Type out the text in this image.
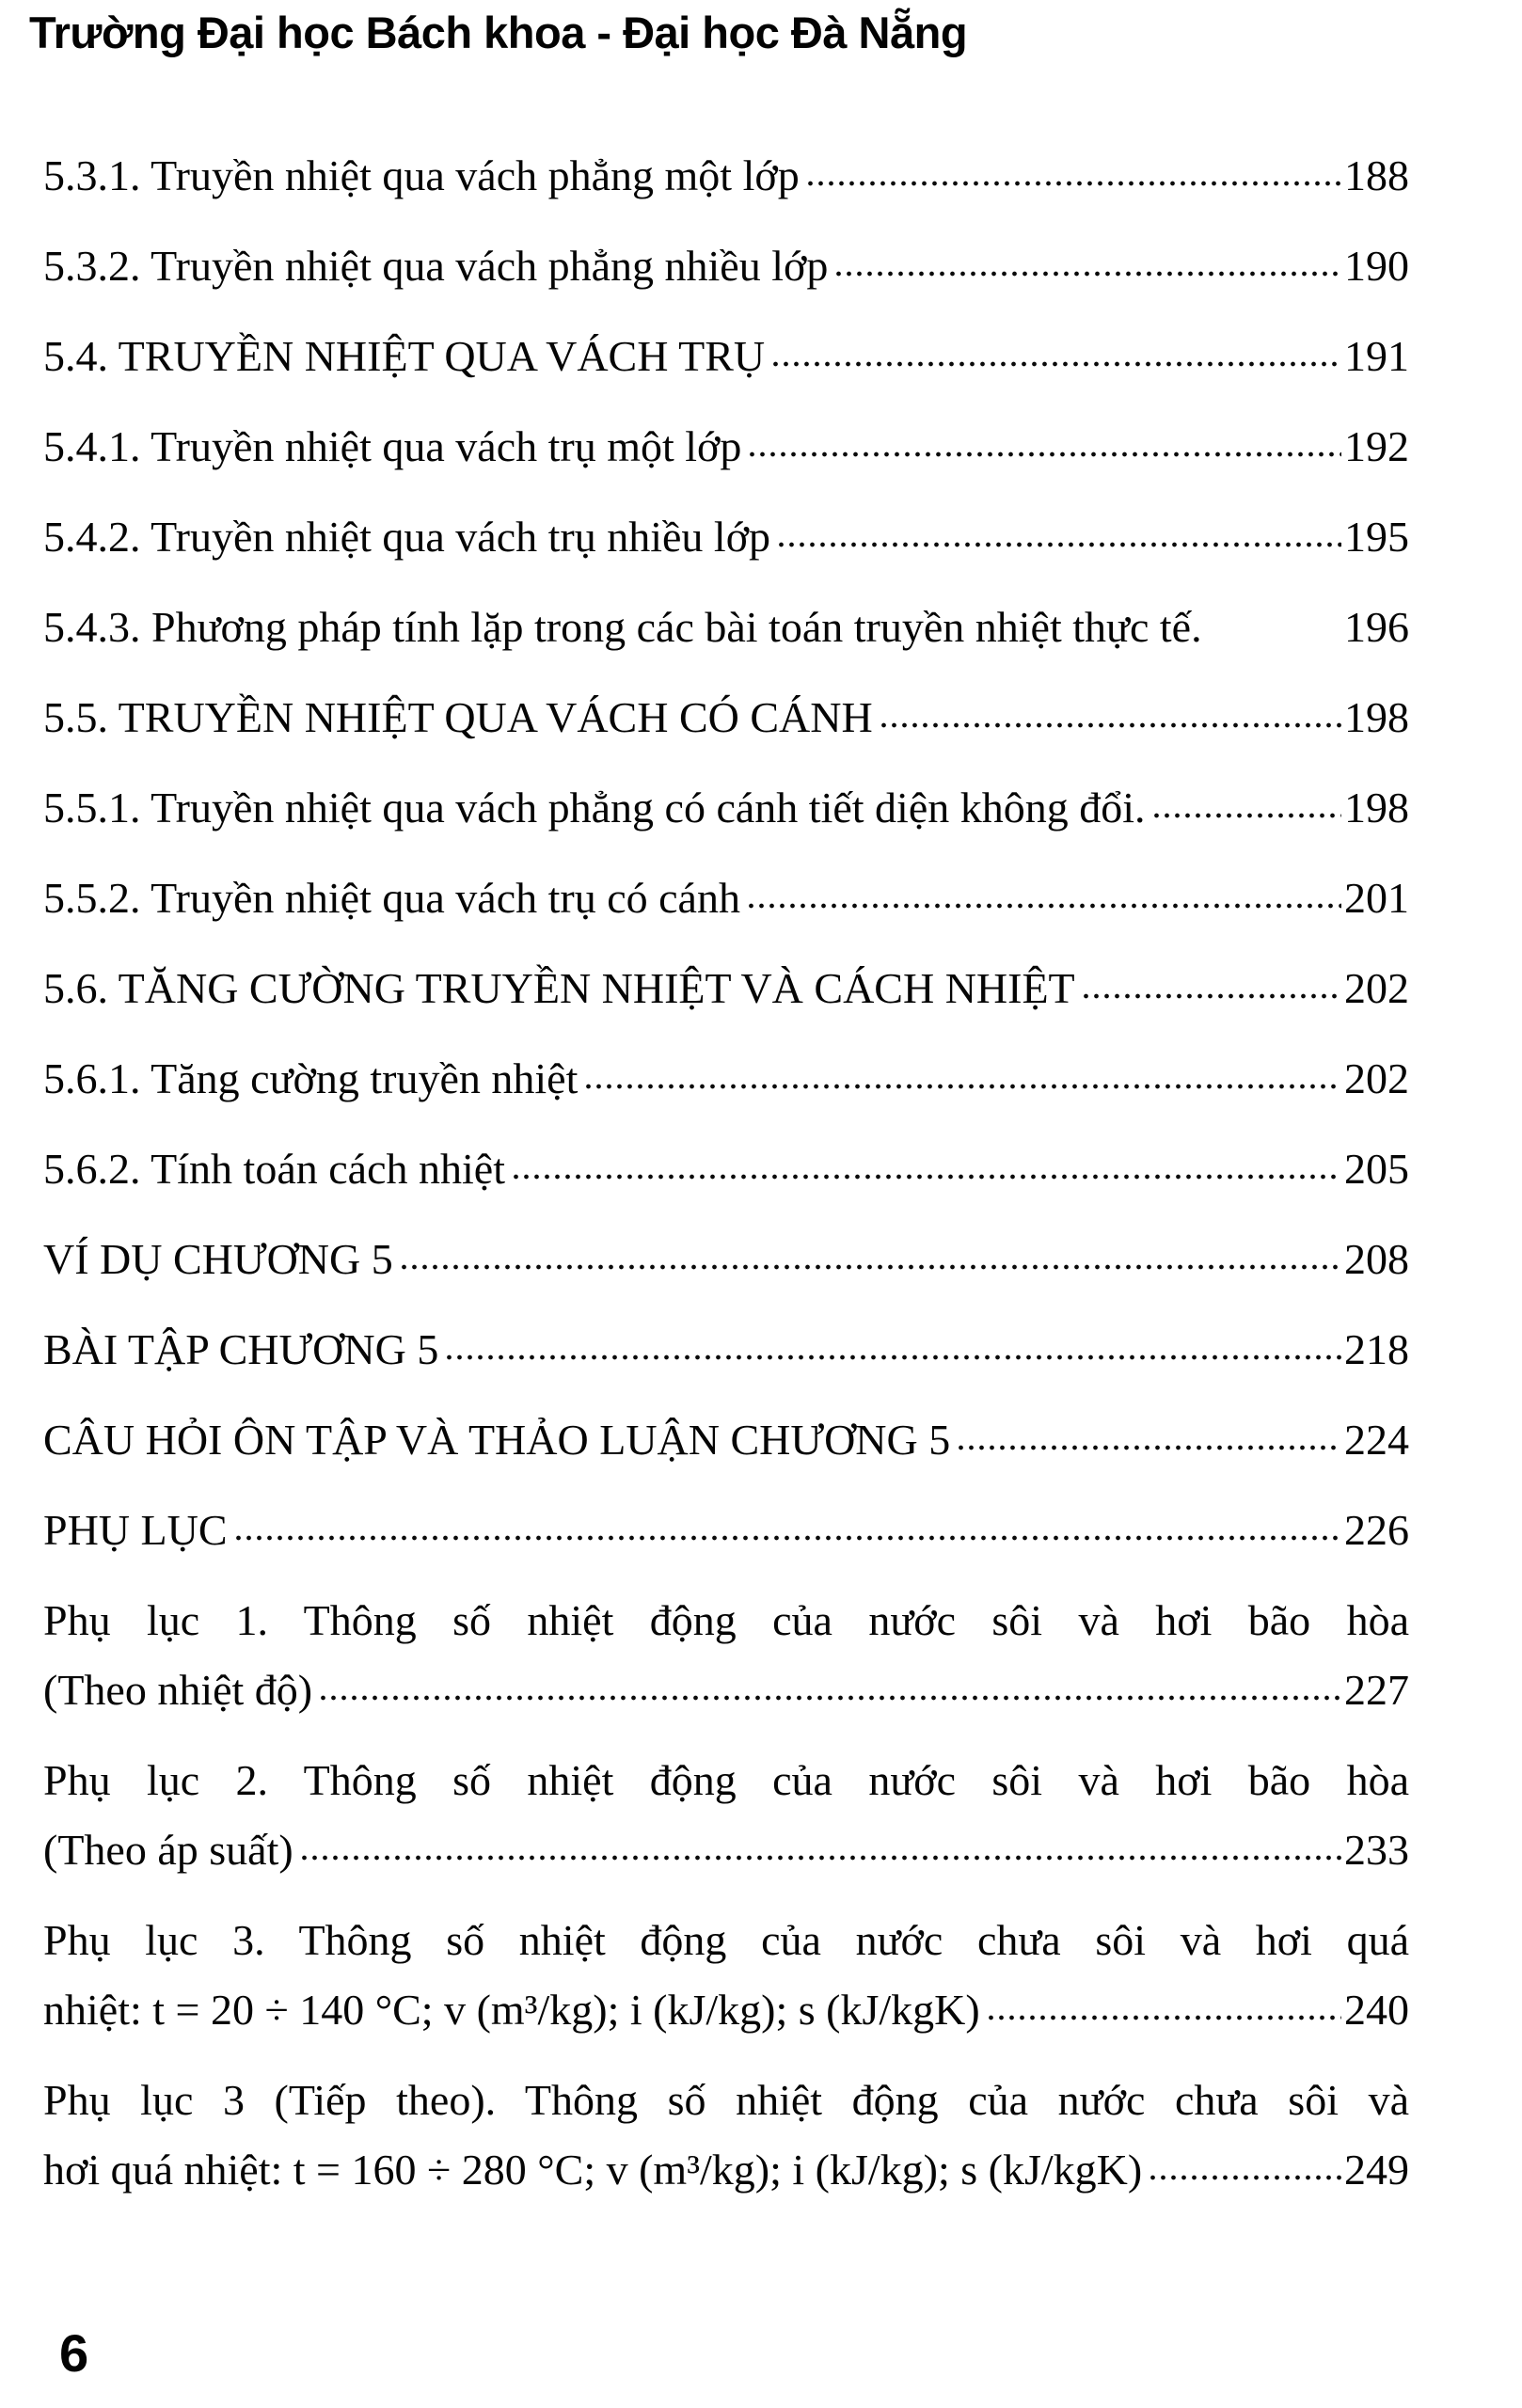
Trường Đại học Bách khoa - Đại học Đà Nẵng
5.3.1. Truyền nhiệt qua vách phẳng một lớp	188
5.3.2. Truyền nhiệt qua vách phẳng nhiều lớp	190
5.4. TRUYỀN NHIỆT QUA VÁCH TRỤ	191
5.4.1. Truyền nhiệt qua vách trụ một lớp	192
5.4.2. Truyền nhiệt qua vách trụ nhiều lớp	195
5.4.3. Phương pháp tính lặp trong các bài toán truyền nhiệt thực tế.	196
5.5. TRUYỀN NHIỆT QUA VÁCH CÓ CÁNH	198
5.5.1. Truyền nhiệt qua vách phẳng có cánh tiết diện không đổi.	198
5.5.2. Truyền nhiệt qua vách trụ có cánh	201
5.6. TĂNG CƯỜNG TRUYỀN NHIỆT VÀ CÁCH NHIỆT	202
5.6.1. Tăng cường truyền nhiệt	202
5.6.2. Tính toán cách nhiệt	205
VÍ DỤ CHƯƠNG 5	208
BÀI TẬP CHƯƠNG 5	218
CÂU HỎI ÔN TẬP VÀ THẢO LUẬN CHƯƠNG 5	224
PHỤ LỤC	226
Phụ lục 1. Thông số nhiệt động của nước sôi và hơi bão hòa
(Theo nhiệt độ)	227
Phụ lục 2. Thông số nhiệt động của nước sôi và hơi bão hòa
(Theo áp suất)	233
Phụ lục 3. Thông số nhiệt động của nước chưa sôi và hơi quá
nhiệt: t = 20 ÷ 140 °C; v (m³/kg); i (kJ/kg); s (kJ/kgK)	240
Phụ lục 3 (Tiếp theo). Thông số nhiệt động của nước chưa sôi và
hơi quá nhiệt: t = 160 ÷ 280 °C; v (m³/kg); i (kJ/kg); s (kJ/kgK)	249
6
